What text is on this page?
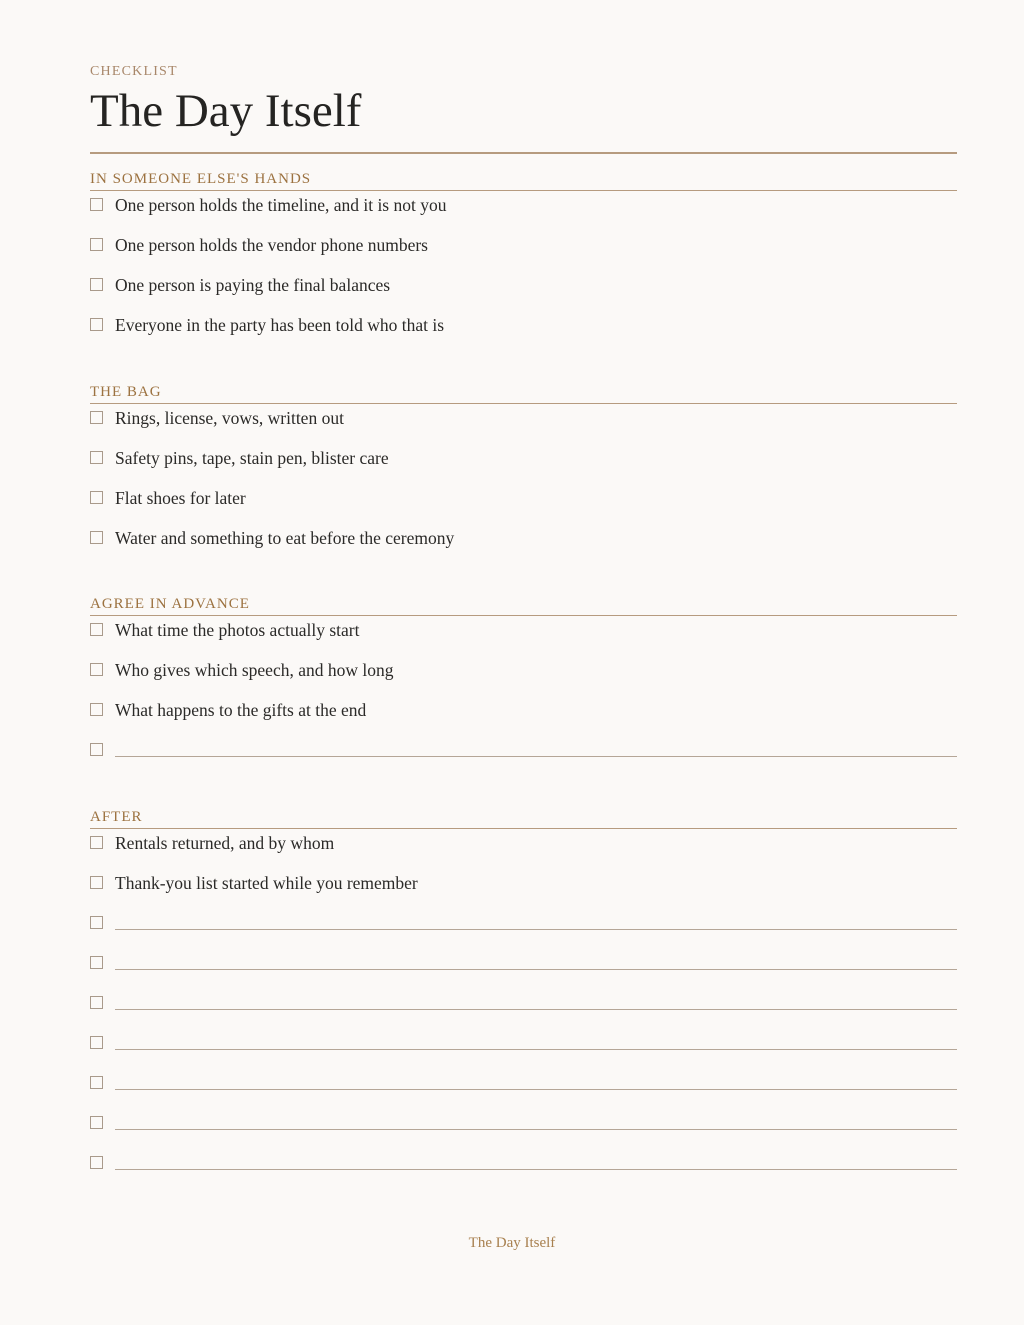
CHECKLIST
The Day Itself
IN SOMEONE ELSE'S HANDS
One person holds the timeline, and it is not you
One person holds the vendor phone numbers
One person is paying the final balances
Everyone in the party has been told who that is
THE BAG
Rings, license, vows, written out
Safety pins, tape, stain pen, blister care
Flat shoes for later
Water and something to eat before the ceremony
AGREE IN ADVANCE
What time the photos actually start
Who gives which speech, and how long
What happens to the gifts at the end
AFTER
Rentals returned, and by whom
Thank-you list started while you remember
The Day Itself
